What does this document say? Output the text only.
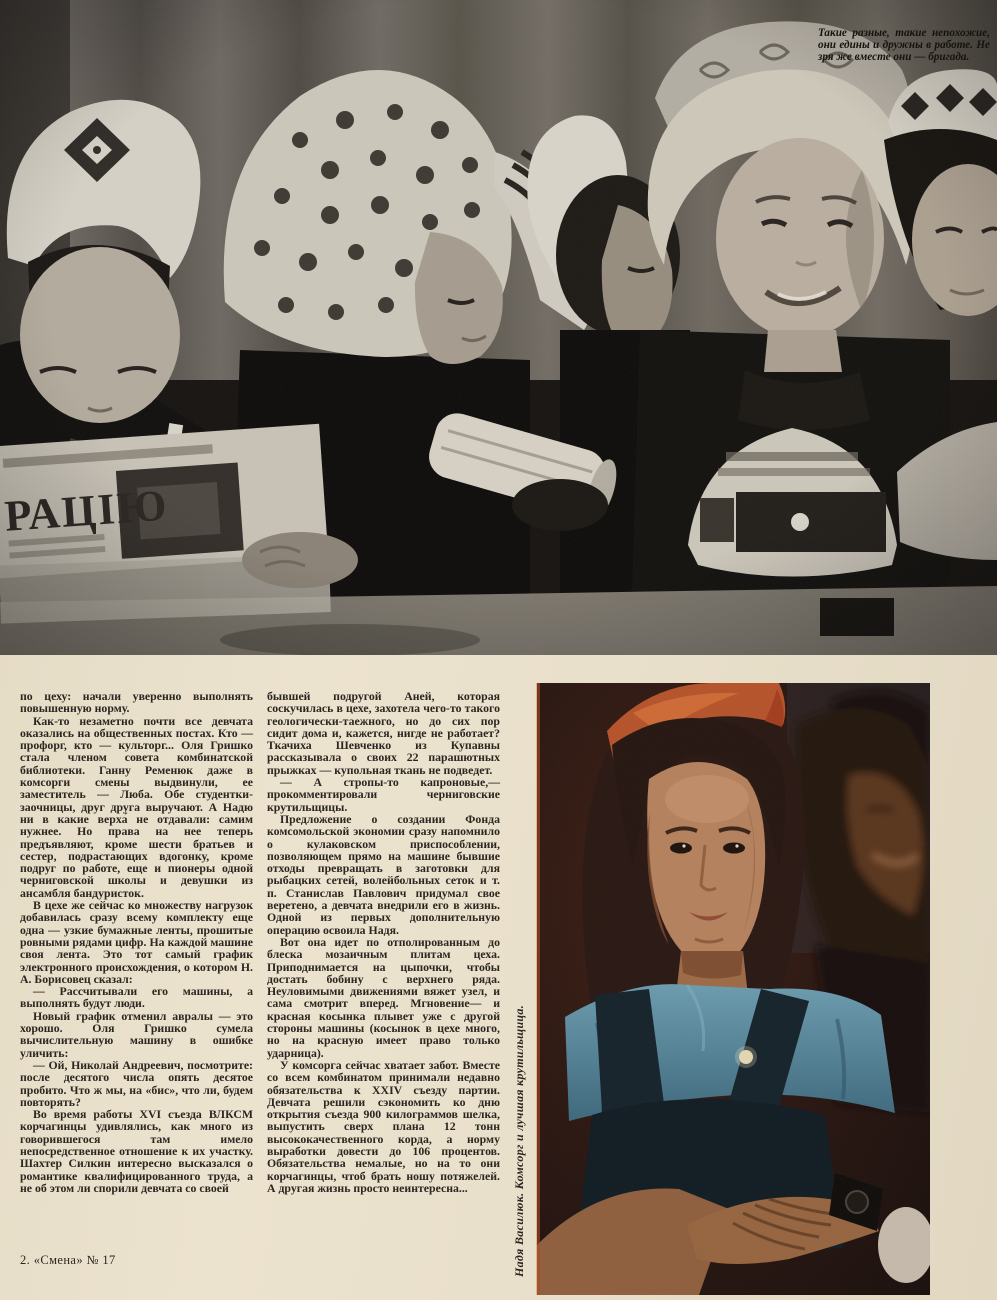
Такие разные, такие непохожие, они едины и дружны в работе. Не зря же вместе они — бригада.

по цеху: начали уверенно выполнять повышенную норму.

Как-то незаметно почти все девчата оказались на общественных постах. Кто — профорг, кто — культорг... Оля Гришко стала членом совета комбинатской библиотеки. Ганну Ременюк даже в комсорги смены выдвинули, ее заместитель — Люба. Обе студентки-заочницы, друг друга выручают. А Надю ни в какие верха́ не отдавали: самим нужнее. Но права на нее теперь предъявляют, кроме шести братьев и сестер, подрастающих вдогонку, кроме подруг по работе, еще и пионеры одной черниговской школы и девушки из ансамбля бандуристок.

В цехе же сейчас ко множеству нагрузок добавилась сразу всему комплекту еще одна — узкие бумажные ленты, прошитые ровными рядами цифр. На каждой машине своя лента. Это тот самый график электронного происхождения, о котором Н. А. Борисовец сказал:

— Рассчитывали его машины, а выполнять будут люди.

Новый график отменил авралы — это хорошо. Оля Гришко сумела вычислительную машину в ошибке уличить:

— Ой, Николай Андреевич, посмотрите: после десятого числа опять десятое пробито. Что ж мы, на «бис», что ли, будем повторять?

Во время работы XVI съезда ВЛКСМ корчагинцы удивлялись, как много из говорившегося там имело непосредственное отношение к их участку. Шахтер Силкин интересно высказался о романтике квалифицированного труда, а не об этом ли спорили девчата со своей

бывшей подругой Аней, которая соскучилась в цехе, захотела чего-то такого геологически-таежного, но до сих пор сидит дома и, кажется, нигде не работает? Ткачиха Шевченко из Купавны рассказывала о своих 22 парашютных прыжках — купольная ткань не подведет.

— А стропы-то капроновые,— прокомментировали черниговские крутильщицы.

Предложение о создании Фонда комсомольской экономии сразу напомнило о кулаковском приспособлении, позволяющем прямо на машине бывшие отходы превращать в заготовки для рыбацких сетей, волейбольных сеток и т. п. Станислав Павлович придумал свое веретено, а девчата внедрили его в жизнь. Одной из первых дополнительную операцию освоила Надя.

Вот она идет по отполированным до блеска мозаичным плитам цеха. Приподнимается на цыпочки, чтобы достать бобину с верхнего ряда. Неуловимыми движениями вяжет узел, и сама смотрит вперед. Мгновение— и красная косынка плывет уже с другой стороны машины (косынок в цехе много, но на красную имеет право только ударница).

У комсорга сейчас хватает забот. Вместе со всем комбинатом принимали недавно обязательства к XXIV съезду партии. Девчата решили сэкономить ко дню открытия съезда 900 килограммов шелка, выпустить сверх плана 12 тонн высококачественного корда, а норму выработки довести до 106 процентов. Обязательства немалые, но на то они корчагинцы, чтоб брать ношу потяжелей. А другая жизнь просто неинтересна...	Надя Василюк. Комсорг и лучшая крутильщица.
2. «Смена» № 17
